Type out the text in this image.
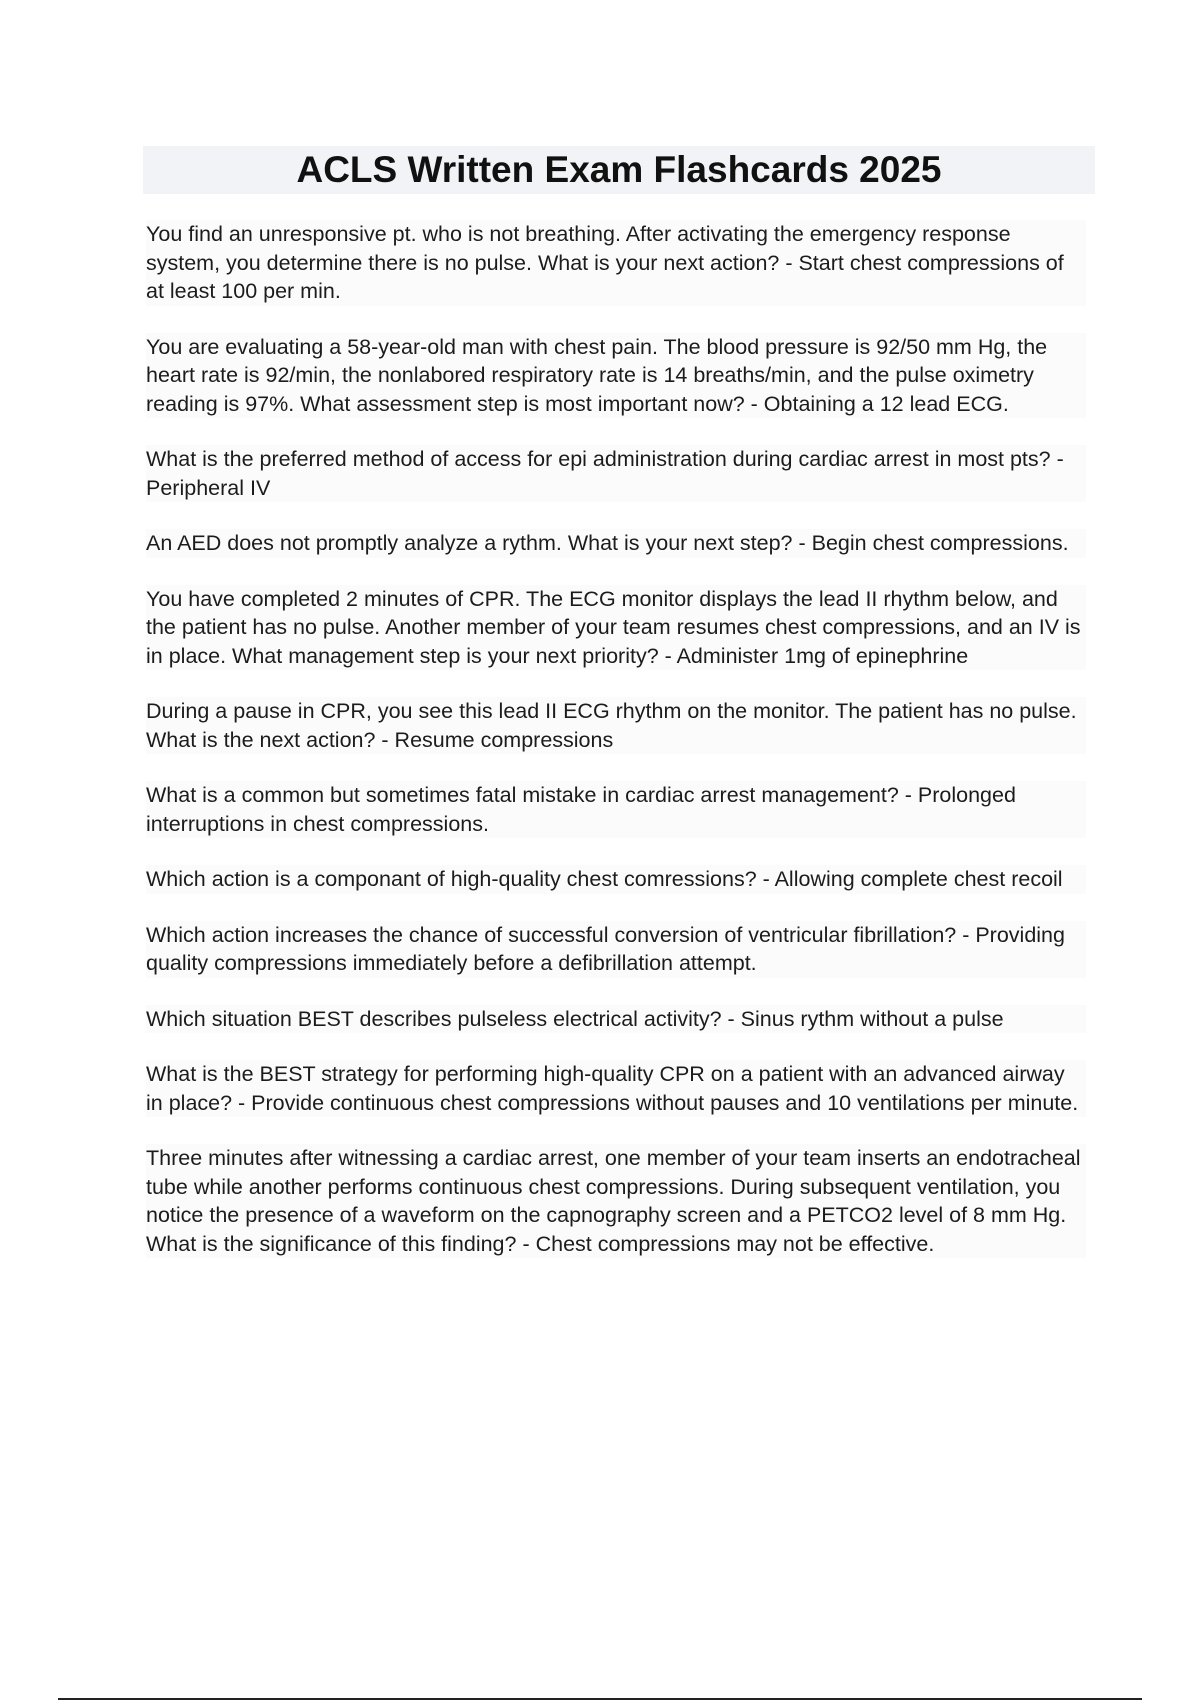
ACLS Written Exam Flashcards 2025
You find an unresponsive pt. who is not breathing. After activating the emergency response system, you determine there is no pulse. What is your next action? - Start chest compressions of at least 100 per min.
You are evaluating a 58-year-old man with chest pain. The blood pressure is 92/50 mm Hg, the heart rate is 92/min, the nonlabored respiratory rate is 14 breaths/min, and the pulse oximetry reading is 97%. What assessment step is most important now? - Obtaining a 12 lead ECG.
What is the preferred method of access for epi administration during cardiac arrest in most pts? - Peripheral IV
An AED does not promptly analyze a rythm. What is your next step? - Begin chest compressions.
You have completed 2 minutes of CPR. The ECG monitor displays the lead II rhythm below, and the patient has no pulse. Another member of your team resumes chest compressions, and an IV is in place. What management step is your next priority? - Administer 1mg of epinephrine
During a pause in CPR, you see this lead II ECG rhythm on the monitor. The patient has no pulse. What is the next action? - Resume compressions
What is a common but sometimes fatal mistake in cardiac arrest management? - Prolonged interruptions in chest compressions.
Which action is a componant of high-quality chest comressions? - Allowing complete chest recoil
Which action increases the chance of successful conversion of ventricular fibrillation? - Providing quality compressions immediately before a defibrillation attempt.
Which situation BEST describes pulseless electrical activity? - Sinus rythm without a pulse
What is the BEST strategy for performing high-quality CPR on a patient with an advanced airway in place? - Provide continuous chest compressions without pauses and 10 ventilations per minute.
Three minutes after witnessing a cardiac arrest, one member of your team inserts an endotracheal tube while another performs continuous chest compressions. During subsequent ventilation, you notice the presence of a waveform on the capnography screen and a PETCO2 level of 8 mm Hg. What is the significance of this finding? - Chest compressions may not be effective.
